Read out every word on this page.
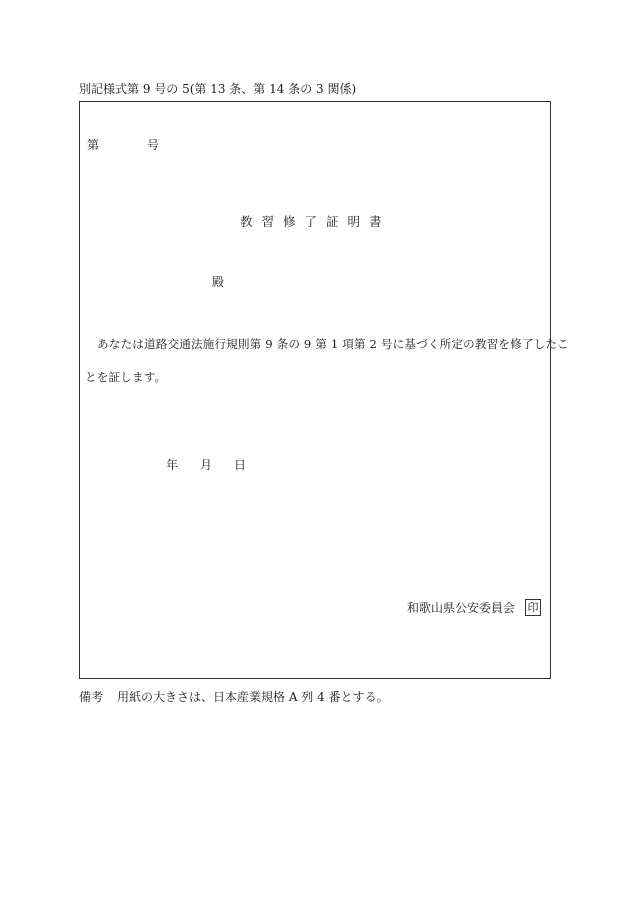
別記様式第 9 号の 5(第 13 条、第 14 条の 3 関係)
第	号
教習修了証明書
殿
あなたは道路交通法施行規則第 9 条の 9 第 1 項第 2 号に基づく所定の教習を修了したこ
とを証します。
年 月 日
和歌山県公安委員会 印
備考 用紙の大きさは、日本産業規格 A 列 4 番とする。
